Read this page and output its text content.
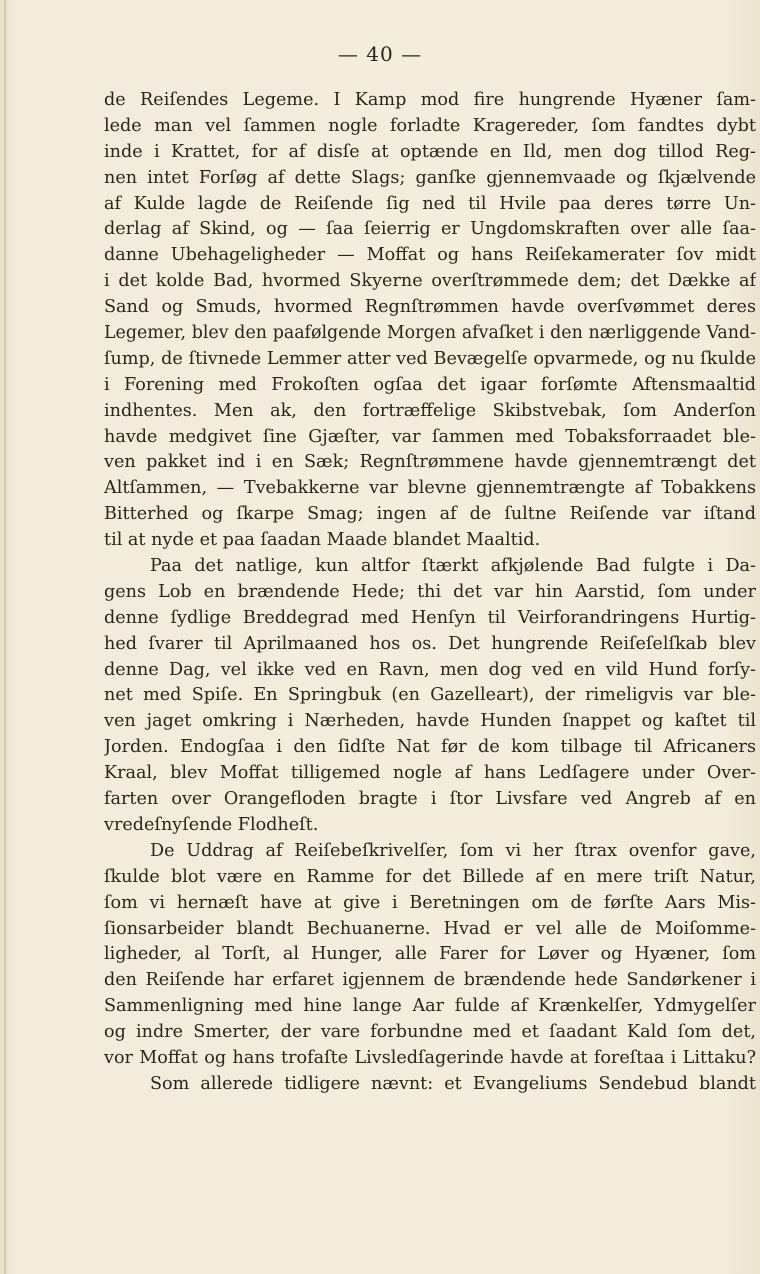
— 40 —
de Reiſendes Legeme. I Kamp mod fire hungrende Hyæner ſam-
lede man vel ſammen nogle forladte Kragereder, ſom fandtes dybt
inde i Krattet, for af disſe at optænde en Ild, men dog tillod Reg-
nen intet Forſøg af dette Slags; ganſke gjennemvaade og ſkjælvende
af Kulde lagde de Reiſende ſig ned til Hvile paa deres tørre Un-
derlag af Skind, og — ſaa ſeierrig er Ungdomskraften over alle ſaa-
danne Ubehageligheder — Moffat og hans Reiſekamerater ſov midt
i det kolde Bad, hvormed Skyerne overſtrømmede dem; det Dække af
Sand og Smuds, hvormed Regnſtrømmen havde overſvømmet deres
Legemer, blev den paafølgende Morgen afvaſket i den nærliggende Vand-
ſump, de ſtivnede Lemmer atter ved Bevægelſe opvarmede, og nu ſkulde
i Forening med Frokoſten ogſaa det igaar forſømte Aftensmaaltid
indhentes. Men ak, den fortræffelige Skibstvebak, ſom Anderſon
havde medgivet ſine Gjæſter, var ſammen med Tobaksforraadet ble-
ven pakket ind i en Sæk; Regnſtrømmene havde gjennemtrængt det
Altſammen, — Tvebakkerne var blevne gjennemtrængte af Tobakkens
Bitterhed og ſkarpe Smag; ingen af de ſultne Reiſende var iſtand
til at nyde et paa ſaadan Maade blandet Maaltid.
Paa det natlige, kun altfor ſtærkt afkjølende Bad fulgte i Da-
gens Lob en brændende Hede; thi det var hin Aarstid, ſom under
denne ſydlige Breddegrad med Henſyn til Veirforandringens Hurtig-
hed ſvarer til Aprilmaaned hos os. Det hungrende Reiſeſelſkab blev
denne Dag, vel ikke ved en Ravn, men dog ved en vild Hund forſy-
net med Spiſe. En Springbuk (en Gazelleart), der rimeligvis var ble-
ven jaget omkring i Nærheden, havde Hunden ſnappet og kaſtet til
Jorden. Endogſaa i den ſidſte Nat før de kom tilbage til Africaners
Kraal, blev Moffat tilligemed nogle af hans Ledſagere under Over-
farten over Orangefloden bragte i ſtor Livsfare ved Angreb af en
vredeſnyſende Flodheſt.
De Uddrag af Reiſebeſkrivelſer, ſom vi her ſtrax ovenfor gave,
ſkulde blot være en Ramme for det Billede af en mere triſt Natur,
ſom vi hernæſt have at give i Beretningen om de førſte Aars Mis-
ſionsarbeider blandt Bechuanerne. Hvad er vel alle de Moiſomme-
ligheder, al Torſt, al Hunger, alle Farer for Løver og Hyæner, ſom
den Reiſende har erfaret igjennem de brændende hede Sandørkener i
Sammenligning med hine lange Aar fulde af Krænkelſer, Ydmygelſer
og indre Smerter, der vare forbundne med et ſaadant Kald ſom det,
vor Moffat og hans trofaſte Livsledſagerinde havde at foreſtaa i Littaku?
Som allerede tidligere nævnt: et Evangeliums Sendebud blandt
